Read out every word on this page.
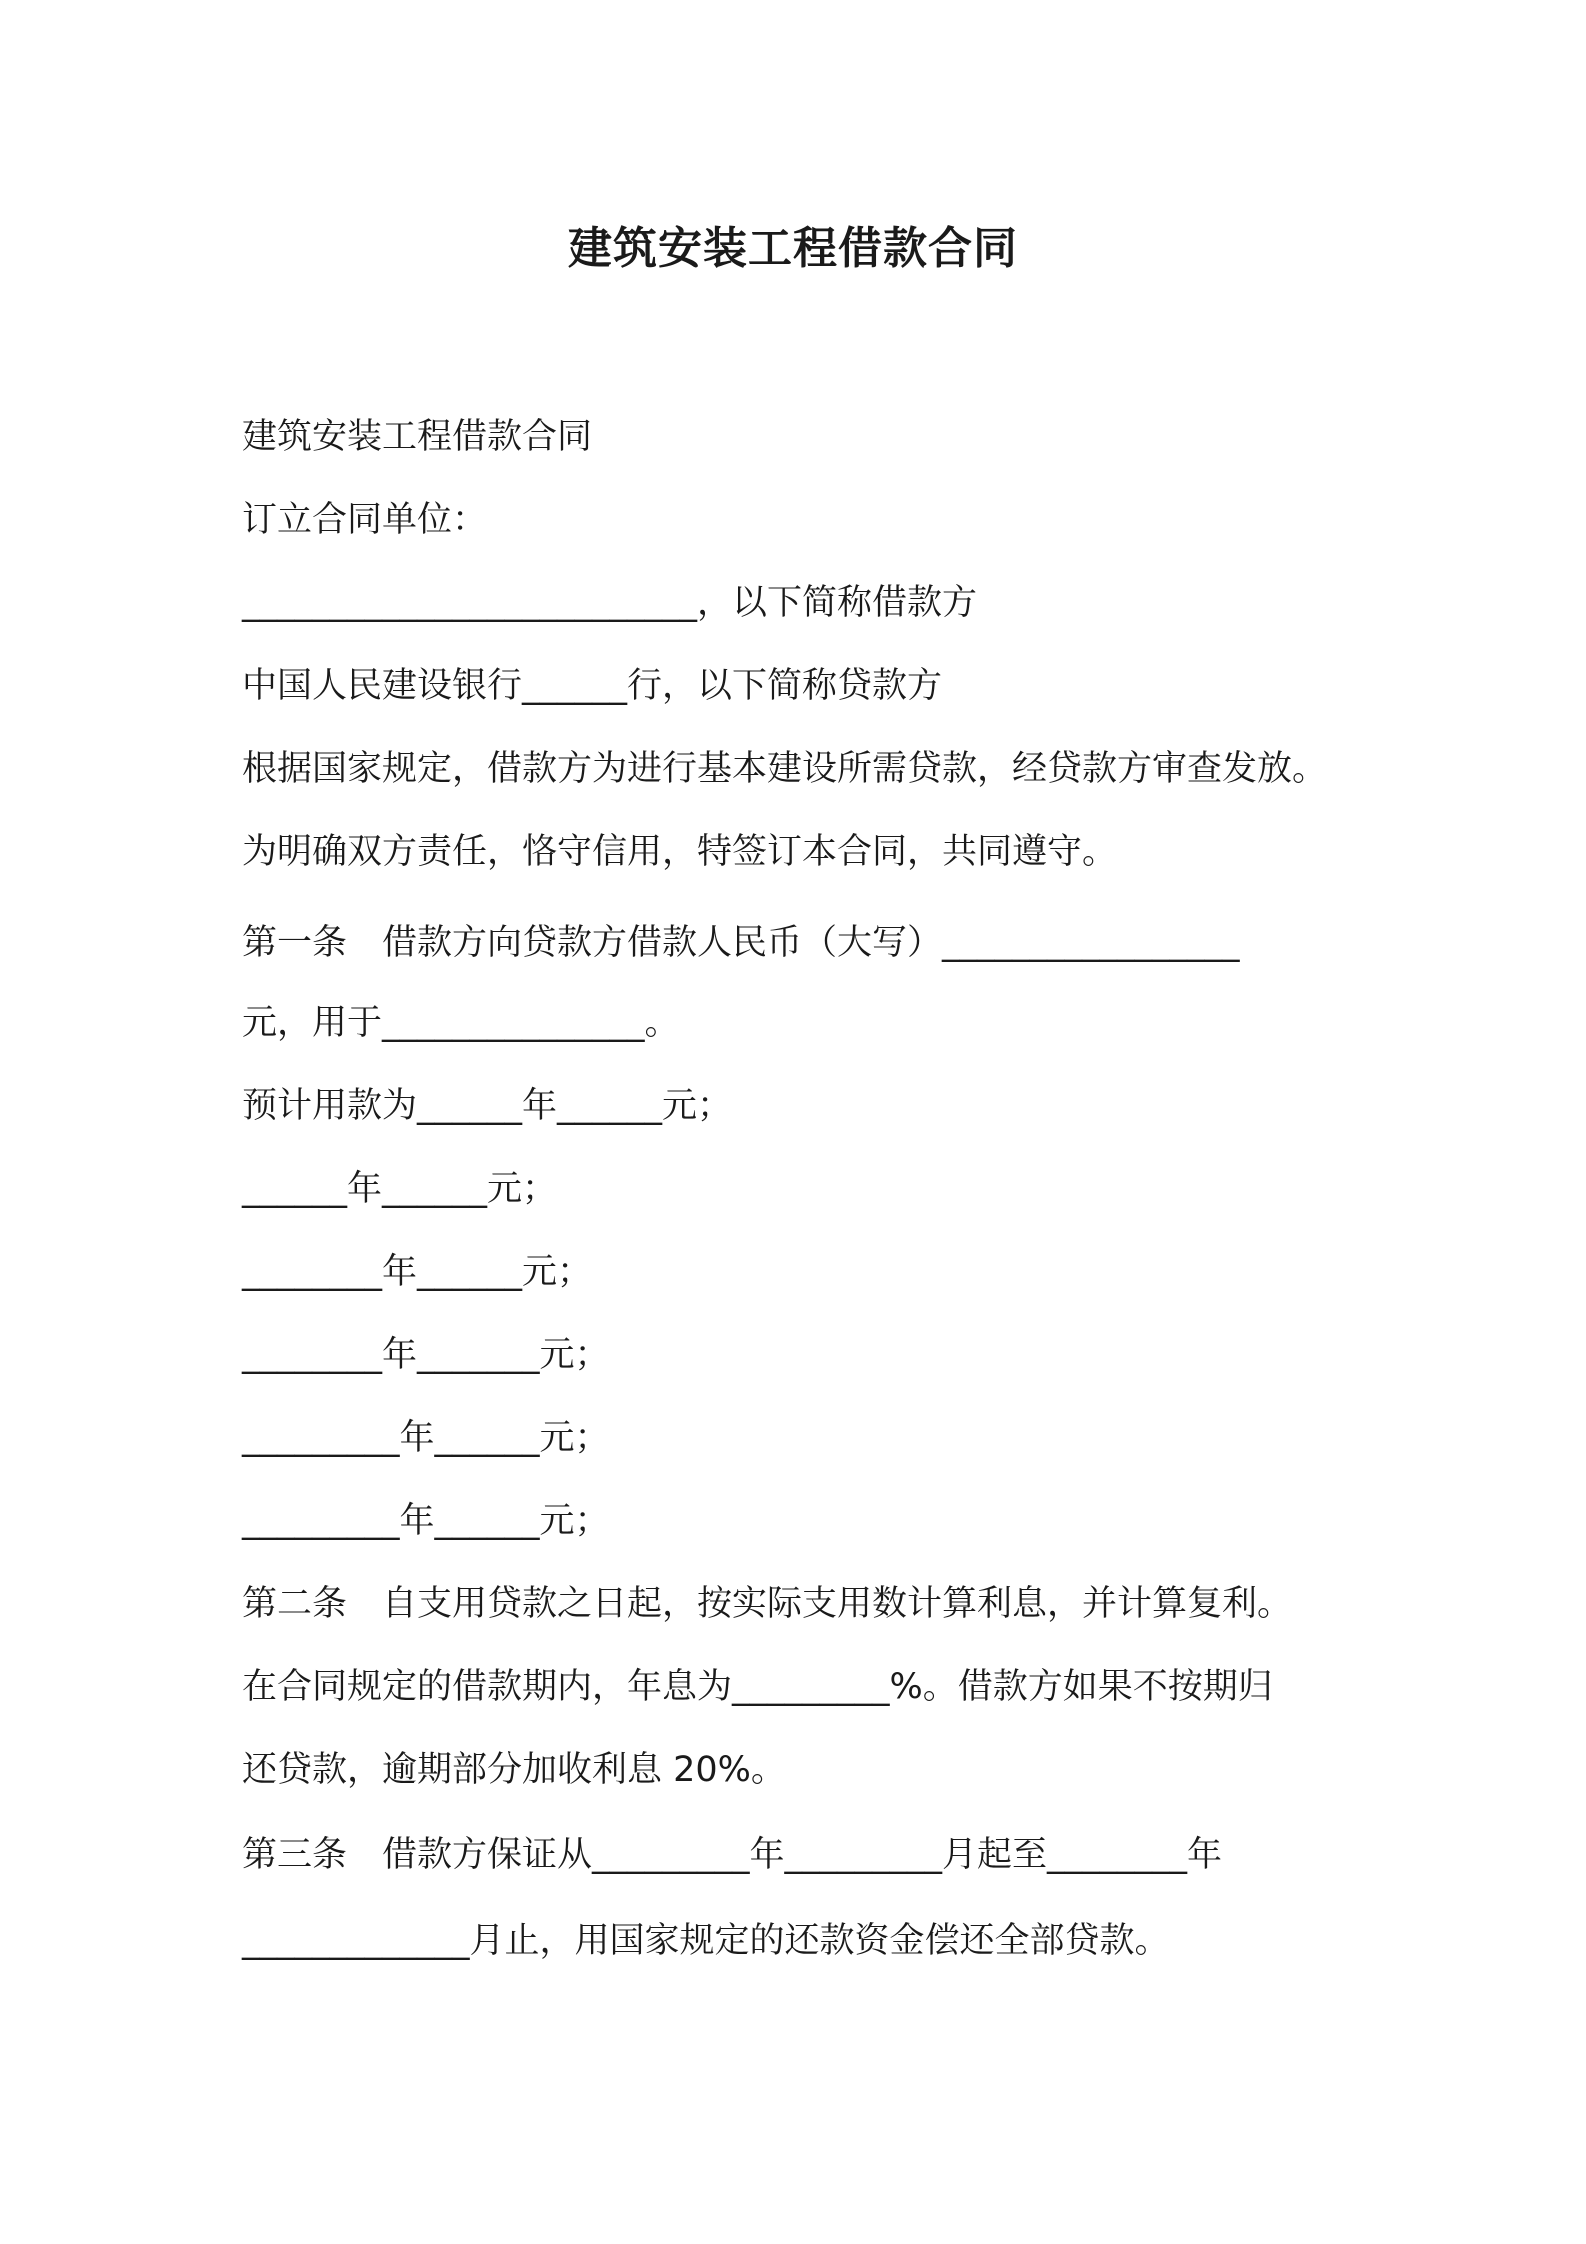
建筑安装工程借款合同

建筑安装工程借款合同

订立合同单位：

__________________________，以下简称借款方

中国人民建设银行______行，以下简称贷款方

根据国家规定，借款方为进行基本建设所需贷款，经贷款方审查发放。

为明确双方责任，恪守信用，特签订本合同，共同遵守。

第一条　借款方向贷款方借款人民币（大写）_________________

元，用于_______________。

预计用款为______年______元；

______年______元；

________年______元；

________年_______元；

_________年______元；

_________年______元；

第二条　自支用贷款之日起，按实际支用数计算利息，并计算复利。

在合同规定的借款期内，年息为_________%。借款方如果不按期归

还贷款，逾期部分加收利息 20%。

第三条　借款方保证从_________年_________月起至________年

_____________月止，用国家规定的还款资金偿还全部贷款。
